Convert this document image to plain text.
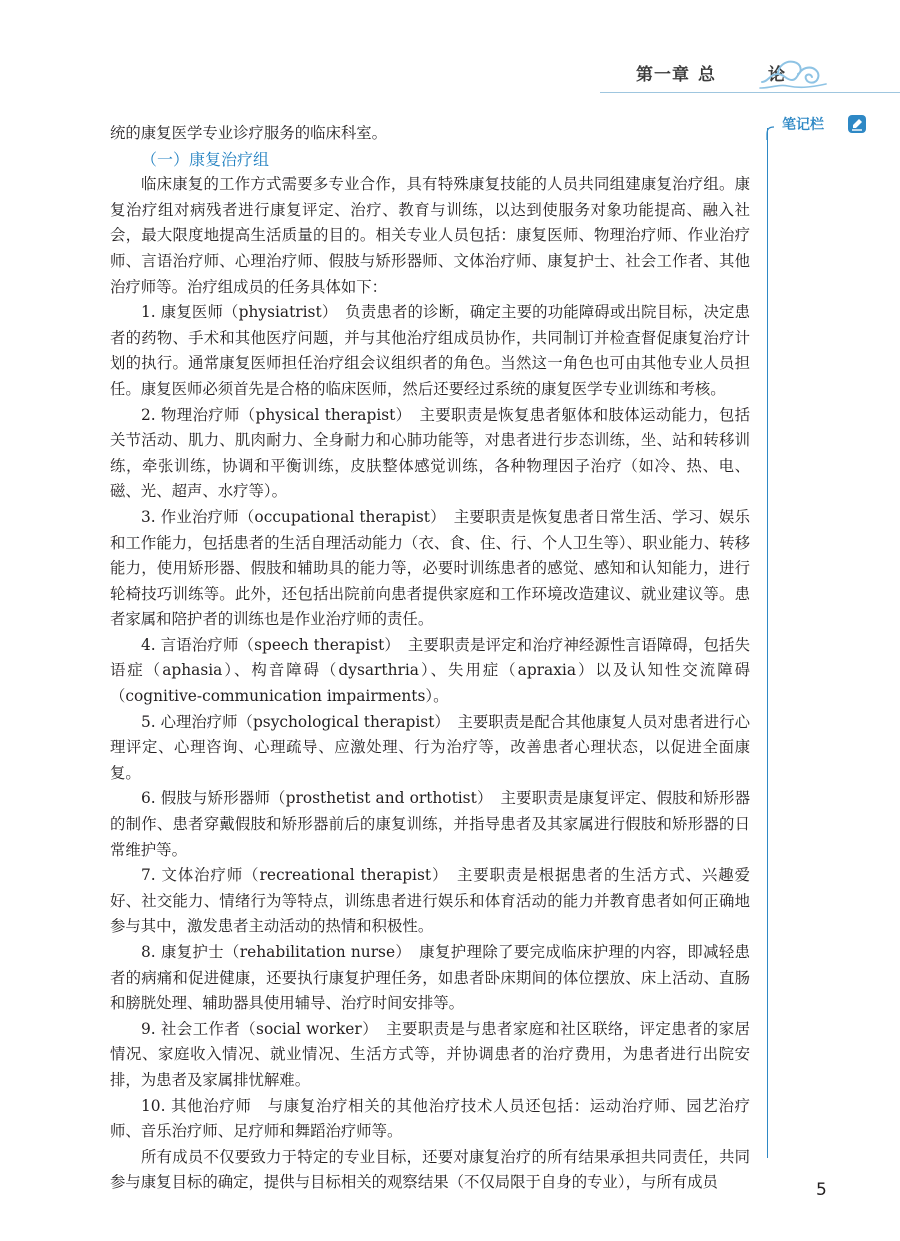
第一章 总　论
笔记栏

统的康复医学专业诊疗服务的临床科室。

（一）康复治疗组

临床康复的工作方式需要多专业合作，具有特殊康复技能的人员共同组建康复治疗组。康复治疗组对病残者进行康复评定、治疗、教育与训练，以达到使服务对象功能提高、融入社会，最大限度地提高生活质量的目的。相关专业人员包括：康复医师、物理治疗师、作业治疗师、言语治疗师、心理治疗师、假肢与矫形器师、文体治疗师、康复护士、社会工作者、其他治疗师等。治疗组成员的任务具体如下：

1. 康复医师（physiatrist）　负责患者的诊断，确定主要的功能障碍或出院目标，决定患者的药物、手术和其他医疗问题，并与其他治疗组成员协作，共同制订并检查督促康复治疗计划的执行。通常康复医师担任治疗组会议组织者的角色。当然这一角色也可由其他专业人员担任。康复医师必须首先是合格的临床医师，然后还要经过系统的康复医学专业训练和考核。

2. 物理治疗师（physical therapist）　主要职责是恢复患者躯体和肢体运动能力，包括关节活动、肌力、肌肉耐力、全身耐力和心肺功能等，对患者进行步态训练，坐、站和转移训练，牵张训练，协调和平衡训练，皮肤整体感觉训练，各种物理因子治疗（如冷、热、电、磁、光、超声、水疗等）。

3. 作业治疗师（occupational therapist）　主要职责是恢复患者日常生活、学习、娱乐和工作能力，包括患者的生活自理活动能力（衣、食、住、行、个人卫生等）、职业能力、转移能力，使用矫形器、假肢和辅助具的能力等，必要时训练患者的感觉、感知和认知能力，进行轮椅技巧训练等。此外，还包括出院前向患者提供家庭和工作环境改造建议、就业建议等。患者家属和陪护者的训练也是作业治疗师的责任。

4. 言语治疗师（speech therapist）　主要职责是评定和治疗神经源性言语障碍，包括失语症（aphasia）、构音障碍（dysarthria）、失用症（apraxia）以及认知性交流障碍（cognitive-communication impairments）。

5. 心理治疗师（psychological therapist）　主要职责是配合其他康复人员对患者进行心理评定、心理咨询、心理疏导、应激处理、行为治疗等，改善患者心理状态，以促进全面康复。

6. 假肢与矫形器师（prosthetist and orthotist）　主要职责是康复评定、假肢和矫形器的制作、患者穿戴假肢和矫形器前后的康复训练，并指导患者及其家属进行假肢和矫形器的日常维护等。

7. 文体治疗师（recreational therapist）　主要职责是根据患者的生活方式、兴趣爱好、社交能力、情绪行为等特点，训练患者进行娱乐和体育活动的能力并教育患者如何正确地参与其中，激发患者主动活动的热情和积极性。

8. 康复护士（rehabilitation nurse）　康复护理除了要完成临床护理的内容，即减轻患者的病痛和促进健康，还要执行康复护理任务，如患者卧床期间的体位摆放、床上活动、直肠和膀胱处理、辅助器具使用辅导、治疗时间安排等。

9. 社会工作者（social worker）　主要职责是与患者家庭和社区联络，评定患者的家居情况、家庭收入情况、就业情况、生活方式等，并协调患者的治疗费用，为患者进行出院安排，为患者及家属排忧解难。

10. 其他治疗师　与康复治疗相关的其他治疗技术人员还包括：运动治疗师、园艺治疗师、音乐治疗师、足疗师和舞蹈治疗师等。

所有成员不仅要致力于特定的专业目标，还要对康复治疗的所有结果承担共同责任，共同参与康复目标的确定，提供与目标相关的观察结果（不仅局限于自身的专业），与所有成员	5
